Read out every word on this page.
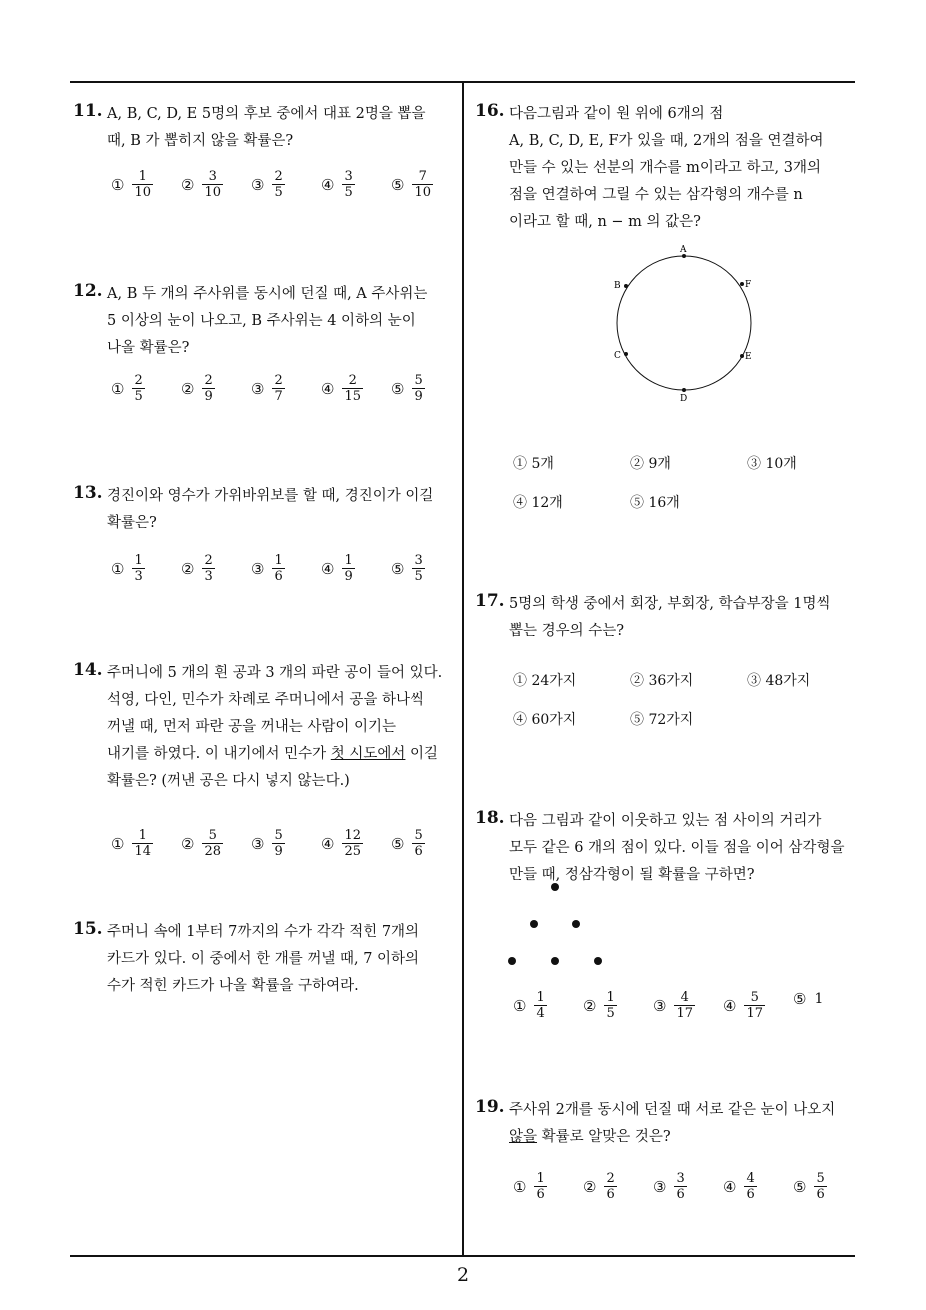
11. A, B, C, D, E 5명의 후보 중에서 대표 2명을 뽑을
때, B 가 뽑히지 않을 확률은?
① $\frac{1}{10}$ ② $\frac{3}{10}$ ③ $\frac{2}{5}$ ④ $\frac{3}{5}$ ⑤ $\frac{7}{10}$
12. A, B 두 개의 주사위를 동시에 던질 때, A 주사위는
5 이상의 눈이 나오고, B 주사위는 4 이하의 눈이
나올 확률은?
① $\frac{2}{5}$ ② $\frac{2}{9}$ ③ $\frac{2}{7}$ ④ $\frac{2}{15}$ ⑤ $\frac{5}{9}$
13. 경진이와 영수가 가위바위보를 할 때, 경진이가 이길
확률은?
① $\frac{1}{3}$ ② $\frac{2}{3}$ ③ $\frac{1}{6}$ ④ $\frac{1}{9}$ ⑤ $\frac{3}{5}$
14. 주머니에 5 개의 흰 공과 3 개의 파란 공이 들어 있다.
석영, 다인, 민수가 차례로 주머니에서 공을 하나씩
꺼낼 때, 먼저 파란 공을 꺼내는 사람이 이기는
내기를 하였다. 이 내기에서 민수가 첫 시도에서 이길
확률은? (꺼낸 공은 다시 넣지 않는다.)
① $\frac{1}{14}$ ② $\frac{5}{28}$ ③ $\frac{5}{9}$ ④ $\frac{12}{25}$ ⑤ $\frac{5}{6}$
15. 주머니 속에 1부터 7까지의 수가 각각 적힌 7개의
카드가 있다. 이 중에서 한 개를 꺼낼 때, 7 이하의
수가 적힌 카드가 나올 확률을 구하여라.
16. 다음그림과 같이 원 위에 6개의 점
A, B, C, D, E, F가 있을 때, 2개의 점을 연결하여
만들 수 있는 선분의 개수를 m이라고 하고, 3개의
점을 연결하여 그릴 수 있는 삼각형의 개수를 n
이라고 할 때, n − m 의 값은?
A
F
E
D
C
B
① 5개	② 9개	③ 10개
④ 12개	⑤ 16개
17. 5명의 학생 중에서 회장, 부회장, 학습부장을 1명씩
뽑는 경우의 수는?
① 24가지	② 36가지	③ 48가지
④ 60가지	⑤ 72가지
18. 다음 그림과 같이 이웃하고 있는 점 사이의 거리가
모두 같은 6 개의 점이 있다. 이들 점을 이어 삼각형을
만들 때, 정삼각형이 될 확률을 구하면?
① $\frac{1}{4}$ ② $\frac{1}{5}$ ③ $\frac{4}{17}$ ④ $\frac{5}{17}$ ⑤ 1
19. 주사위 2개를 동시에 던질 때 서로 같은 눈이 나오지
않을 확률로 알맞은 것은?
① $\frac{1}{6}$ ② $\frac{2}{6}$ ③ $\frac{3}{6}$ ④ $\frac{4}{6}$ ⑤ $\frac{5}{6}$
2
